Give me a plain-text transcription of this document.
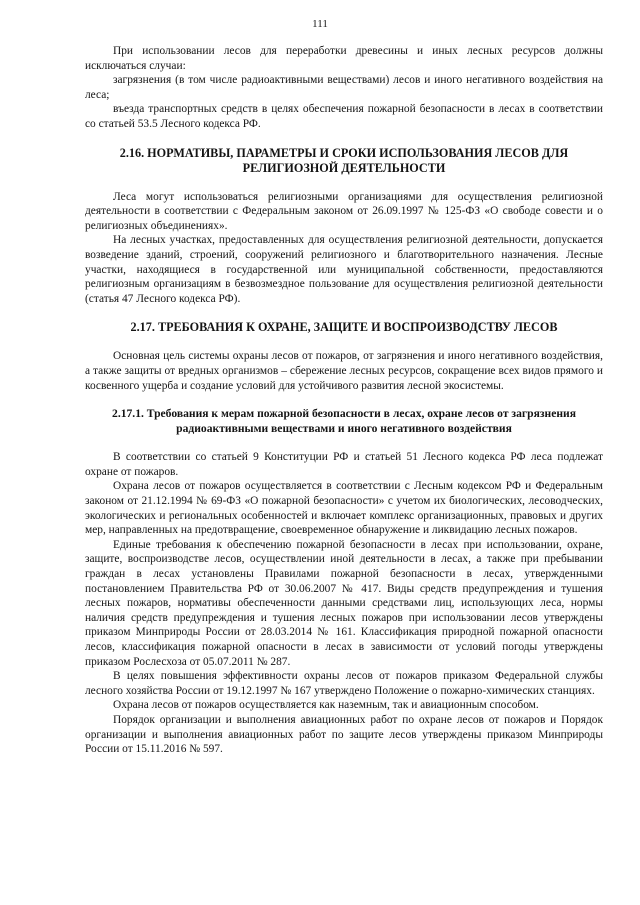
111

При использовании лесов для переработки древесины и иных лесных ресурсов должны исключаться случаи:

загрязнения (в том числе радиоактивными веществами) лесов и иного негативного воздействия на леса;

въезда транспортных средств в целях обеспечения пожарной безопасности в лесах в соответствии со статьей 53.5 Лесного кодекса РФ.

2.16. НОРМАТИВЫ, ПАРАМЕТРЫ И СРОКИ ИСПОЛЬЗОВАНИЯ ЛЕСОВ ДЛЯ РЕЛИГИОЗНОЙ ДЕЯТЕЛЬНОСТИ

Леса могут использоваться религиозными организациями для осуществления религиозной деятельности в соответствии с Федеральным законом от 26.09.1997 № 125-ФЗ «О свободе совести и о религиозных объединениях».

На лесных участках, предоставленных для осуществления религиозной деятельности, допускается возведение зданий, строений, сооружений религиозного и благотворительного назначения. Лесные участки, находящиеся в государственной или муниципальной собственности, предоставляются религиозным организациям в безвозмездное пользование для осуществления религиозной деятельности (статья 47 Лесного кодекса РФ).

2.17. ТРЕБОВАНИЯ К ОХРАНЕ, ЗАЩИТЕ И ВОСПРОИЗВОДСТВУ ЛЕСОВ

Основная цель системы охраны лесов от пожаров, от загрязнения и иного негативного воздействия, а также защиты от вредных организмов – сбережение лесных ресурсов, сокращение всех видов прямого и косвенного ущерба и создание условий для устойчивого развития лесной экосистемы.

2.17.1. Требования к мерам пожарной безопасности в лесах, охране лесов от загрязнения радиоактивными веществами и иного негативного воздействия

В соответствии со статьей 9 Конституции РФ и статьей 51 Лесного кодекса РФ леса подлежат охране от пожаров.

Охрана лесов от пожаров осуществляется в соответствии с Лесным кодексом РФ и Федеральным законом от 21.12.1994 № 69-ФЗ «О пожарной безопасности» с учетом их биологических, лесоводческих, экологических и региональных особенностей и включает комплекс организационных, правовых и других мер, направленных на предотвращение, своевременное обнаружение и ликвидацию лесных пожаров.

Единые требования к обеспечению пожарной безопасности в лесах при использовании, охране, защите, воспроизводстве лесов, осуществлении иной деятельности в лесах, а также при пребывании граждан в лесах установлены Правилами пожарной безопасности в лесах, утвержденными постановлением Правительства РФ от 30.06.2007 № 417. Виды средств предупреждения и тушения лесных пожаров, нормативы обеспеченности данными средствами лиц, использующих леса, нормы наличия средств предупреждения и тушения лесных пожаров при использовании лесов утверждены приказом Минприроды России от 28.03.2014 № 161. Классификация природной пожарной опасности лесов, классификация пожарной опасности в лесах в зависимости от условий погоды утверждены приказом Рослесхоза от 05.07.2011 № 287.

В целях повышения эффективности охраны лесов от пожаров приказом Федеральной службы лесного хозяйства России от 19.12.1997 № 167 утверждено Положение о пожарно-химических станциях.

Охрана лесов от пожаров осуществляется как наземным, так и авиационным способом.

Порядок организации и выполнения авиационных работ по охране лесов от пожаров и Порядок организации и выполнения авиационных работ по защите лесов утверждены приказом Минприроды России от 15.11.2016 № 597.
